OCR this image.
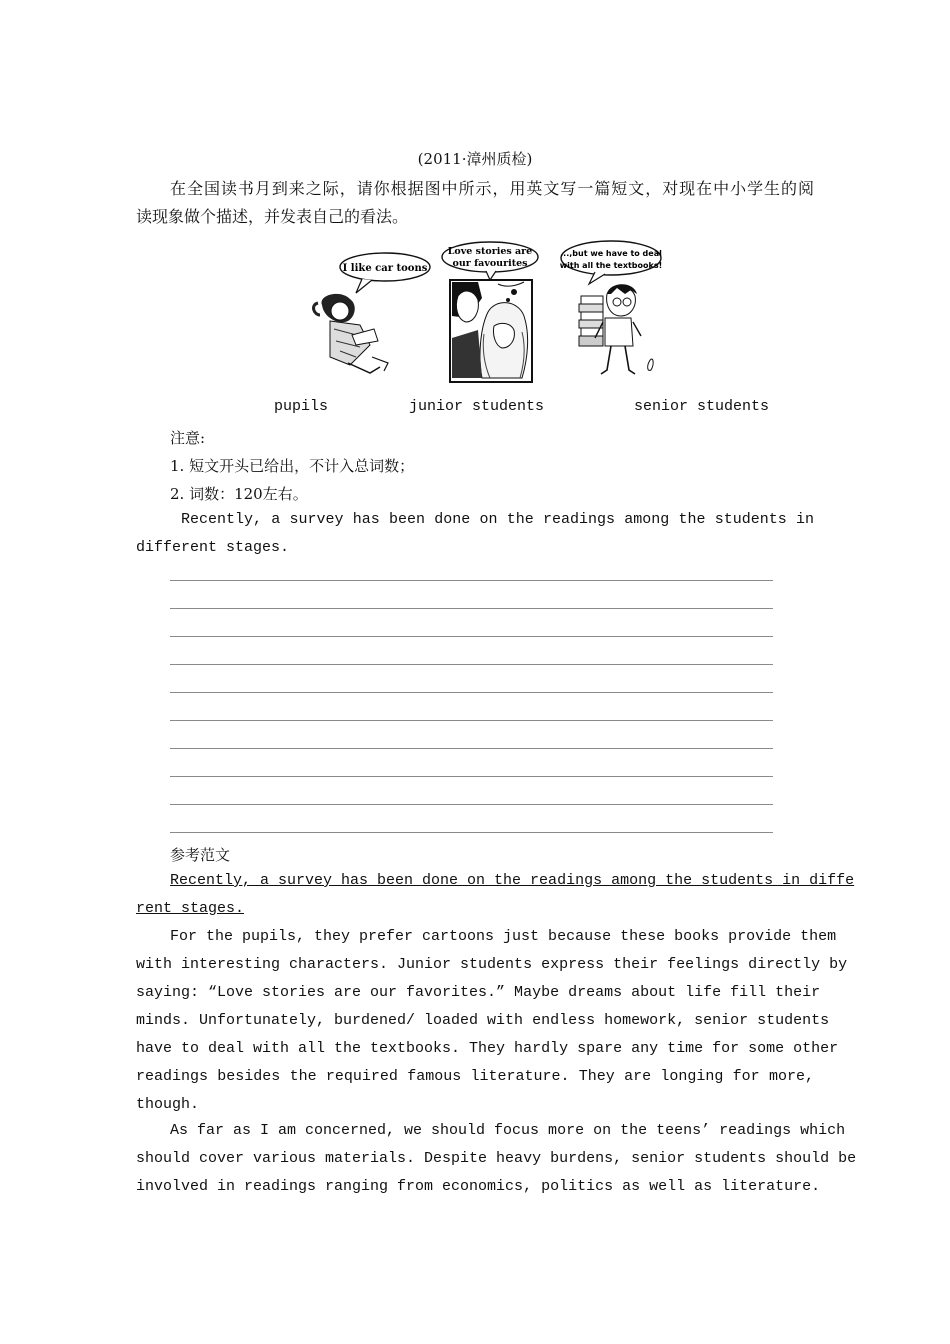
(2011·漳州质检)
在全国读书月到来之际，请你根据图中所示，用英文写一篇短文，对现在中小学生的阅
读现象做个描述，并发表自己的看法。
I like car toons
Love stories are
our favourites
...,but we have to deal
with all the textbooks!
pupils	junior students	senior students
注意:
1. 短文开头已给出，不计入总词数；
2. 词数：120左右。
Recently, a survey has been done on the readings among the students in
different stages.
参考范文
Recently, a survey has been done on the readings among the students in diffe
rent stages.
For the pupils, they prefer cartoons just because these books provide them
with interesting characters. Junior students express their feelings directly by
saying: “Love stories are our favorites.” Maybe dreams about life fill their
minds. Unfortunately, burdened/ loaded with endless homework, senior students
have to deal with all the textbooks. They hardly spare any time for some other
readings besides the required famous literature. They are longing for more,
though.
As far as I am concerned, we should focus more on the teens’ readings which
should cover various materials. Despite heavy burdens, senior students should be
involved in readings ranging from economics, politics as well as literature.
